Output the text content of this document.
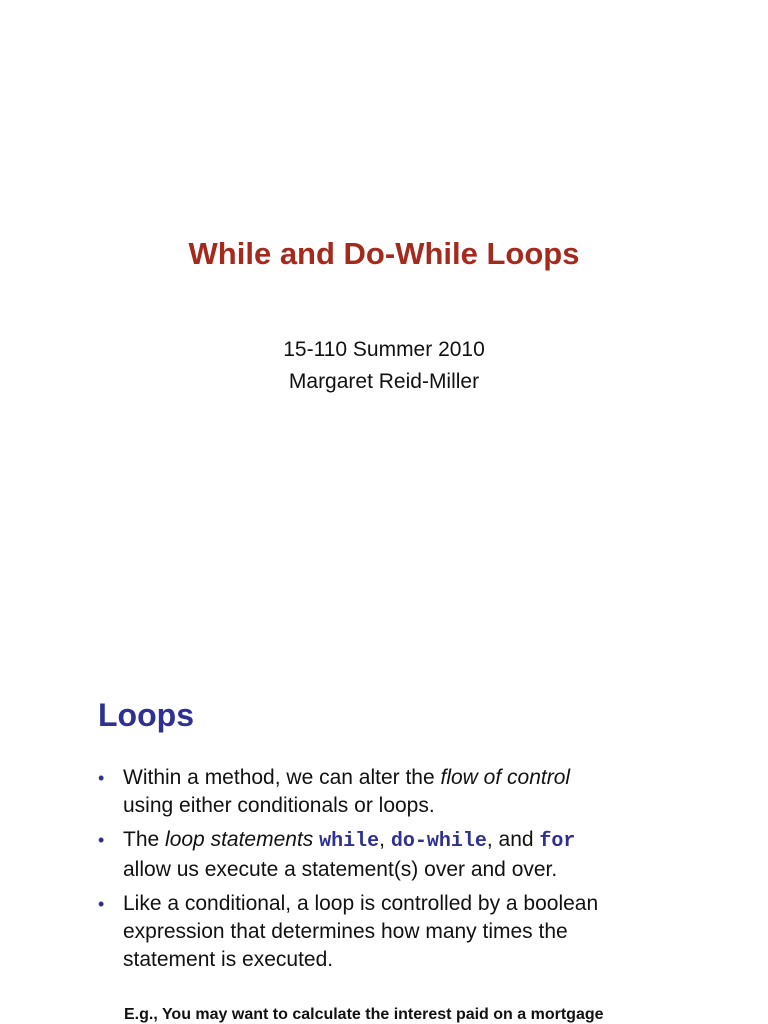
While and Do-While Loops

15-110 Summer 2010

Margaret Reid-Miller

Loops
• Within a method, we can alter the flow of control
using either conditionals or loops.
• The loop statements while, do-while, and for
allow us execute a statement(s) over and over.
• Like a conditional, a loop is controlled by a boolean
expression that determines how many times the
statement is executed.

E.g., You may want to calculate the interest paid on a mortgage
